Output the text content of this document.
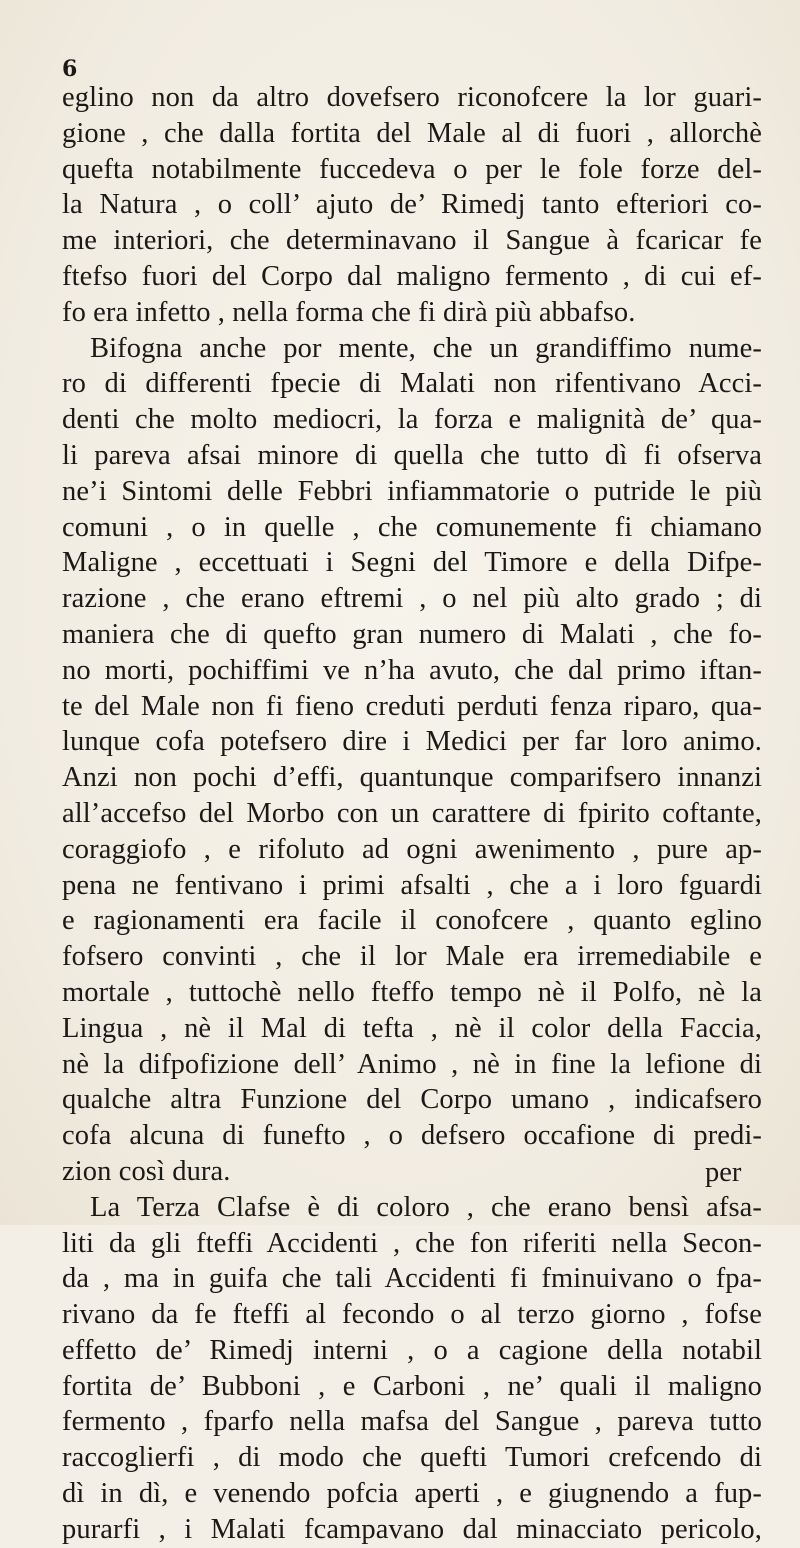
6
eglino non da altro dovefsero riconofcere la lor guari-
gione , che dalla fortita del Male al di fuori , allorchè
quefta notabilmente fuccedeva o per le fole forze del-
la Natura , o coll’ ajuto de’ Rimedj tanto efteriori co-
me interiori, che determinavano il Sangue à fcaricar fe
ftefso fuori del Corpo dal maligno fermento , di cui ef-
fo era infetto , nella forma che fi dirà più abbafso.
Bifogna anche por mente, che un grandiffimo nume-
ro di differenti fpecie di Malati non rifentivano Acci-
denti che molto mediocri, la forza e malignità de’ qua-
li pareva afsai minore di quella che tutto dì fi ofserva
ne’i Sintomi delle Febbri infiammatorie o putride le più
comuni , o in quelle , che comunemente fi chiamano
Maligne , eccettuati i Segni del Timore e della Difpe-
razione , che erano eftremi , o nel più alto grado ; di
maniera che di quefto gran numero di Malati , che fo-
no morti, pochiffimi ve n’ha avuto, che dal primo iftan-
te del Male non fi fieno creduti perduti fenza riparo, qua-
lunque cofa potefsero dire i Medici per far loro animo.
Anzi non pochi d’effi, quantunque comparifsero innanzi
all’accefso del Morbo con un carattere di fpirito coftante,
coraggiofo , e rifoluto ad ogni awenimento , pure ap-
pena ne fentivano i primi afsalti , che a i loro fguardi
e ragionamenti era facile il conofcere , quanto eglino
fofsero convinti , che il lor Male era irremediabile e
mortale , tuttochè nello fteffo tempo nè il Polfo, nè la
Lingua , nè il Mal di tefta , nè il color della Faccia,
nè la difpofizione dell’ Animo , nè in fine la lefione di
qualche altra Funzione del Corpo umano , indicafsero
cofa alcuna di funefto , o defsero occafione di predi-
zion così dura.
La Terza Clafse è di coloro , che erano bensì afsa-
liti da gli fteffi Accidenti , che fon riferiti nella Secon-
da , ma in guifa che tali Accidenti fi fminuivano o fpa-
rivano da fe fteffi al fecondo o al terzo giorno , fofse
effetto de’ Rimedj interni , o a cagione della notabil
fortita de’ Bubboni , e Carboni , ne’ quali il maligno
fermento , fparfo nella mafsa del Sangue , pareva tutto
raccoglierfi , di modo che quefti Tumori crefcendo di
dì in dì, e venendo pofcia aperti , e giugnendo a fup-
purarfi , i Malati fcampavano dal minacciato pericolo,
per
